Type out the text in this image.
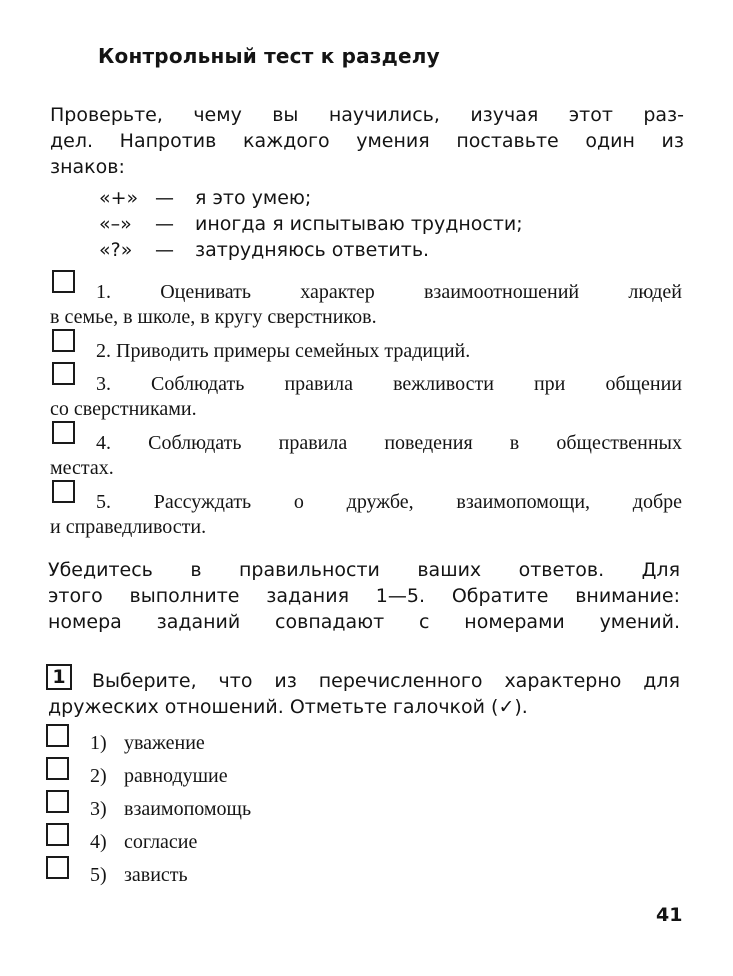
Контрольный тест к разделу
Проверьте, чему вы научились, изучая этот раз-
дел. Напротив каждого умения поставьте один из
знаков:
«+» —	я это умею;
«–»	—	иногда я испытываю трудности;
«?»	—	затрудняюсь ответить.
1. Оценивать характер взаимоотношений людей
в семье, в школе, в кругу сверстников.
2. Приводить примеры семейных традиций.
3. Соблюдать правила вежливости при общении
со сверстниками.
4. Соблюдать правила поведения в общественных
местах.
5. Рассуждать о дружбе, взаимопомощи, добре
и справедливости.
Убедитесь в правильности ваших ответов. Для
этого выполните задания 1—5. Обратите внимание:
номера заданий совпадают с номерами умений.
1	Выберите, что из перечисленного характерно для
дружеских отношений. Отметьте галочкой (✓).
1) уважение
2) равнодушие
3) взаимопомощь
4) согласие
5) зависть
41
